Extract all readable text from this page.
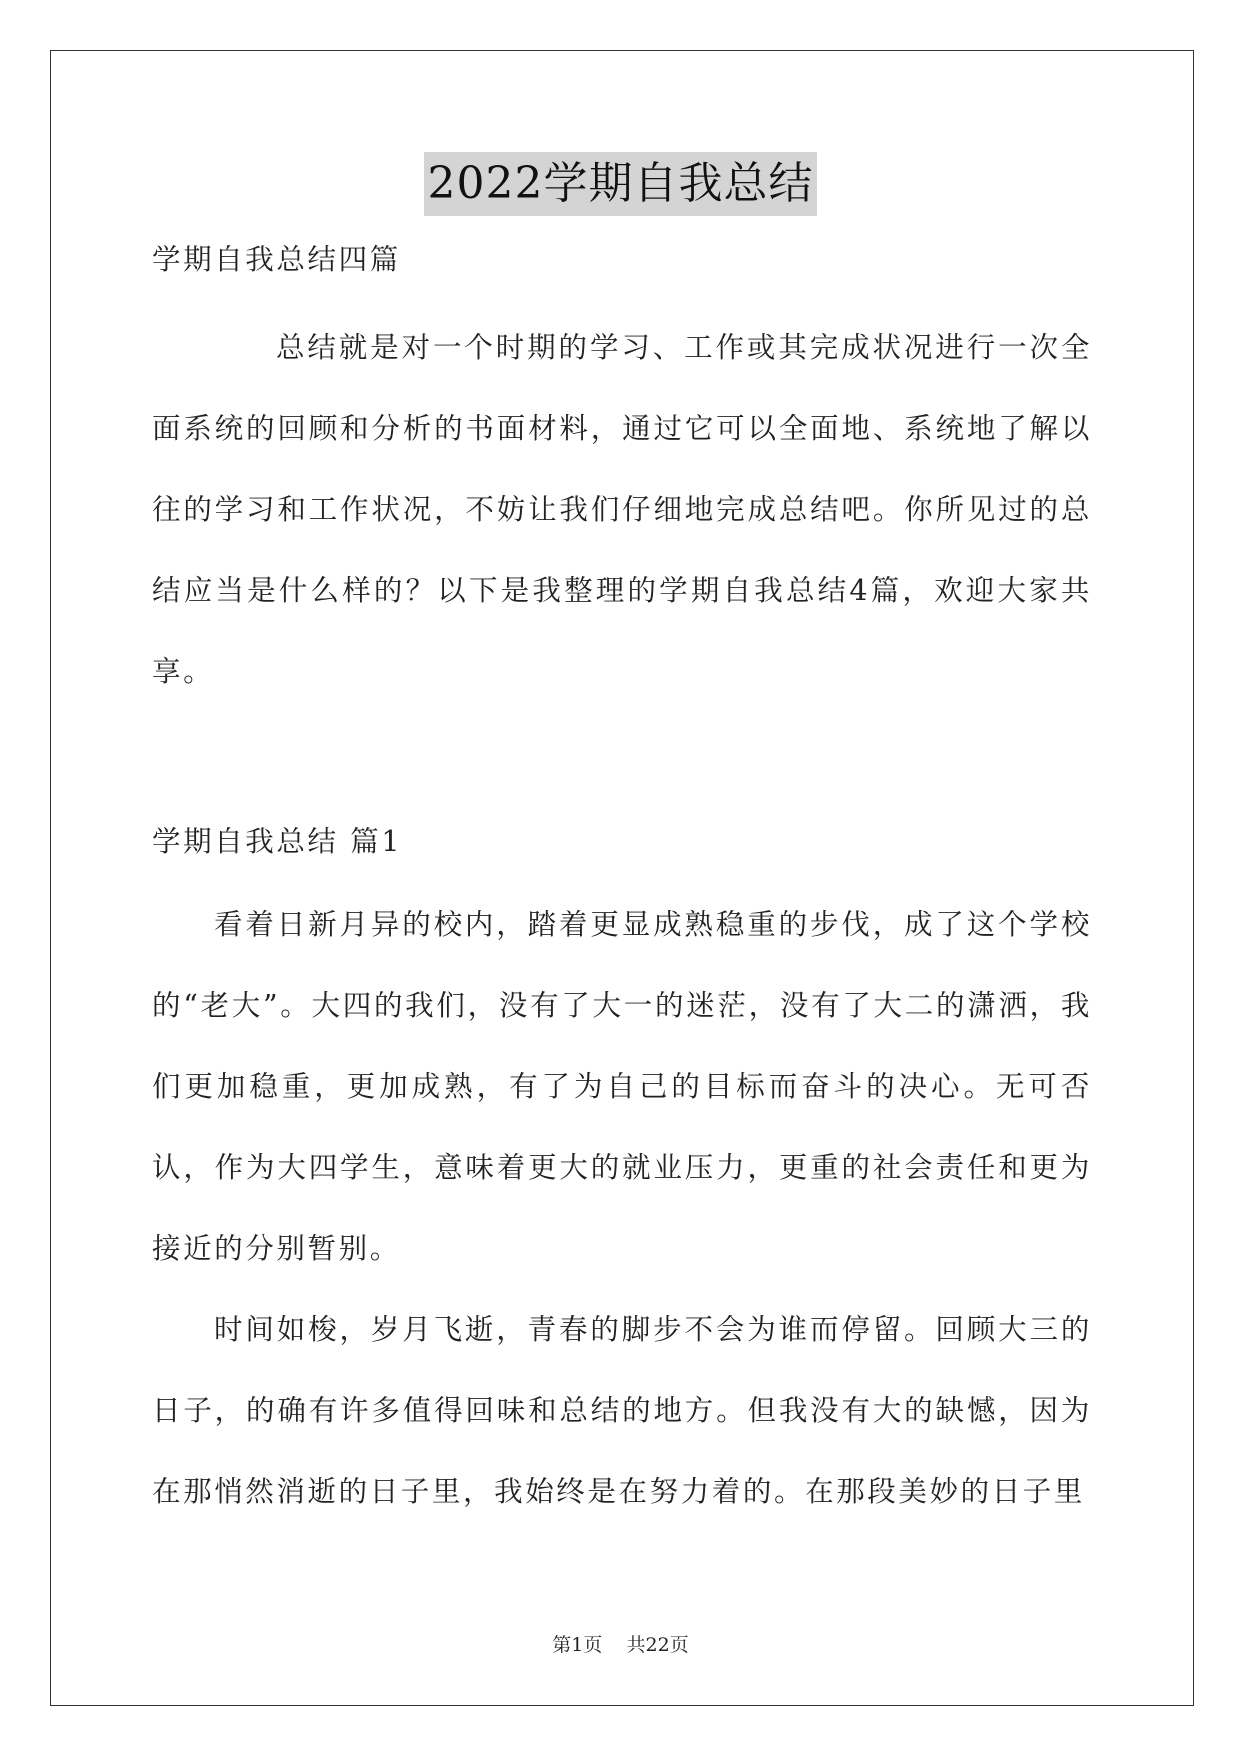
2022学期自我总结

学期自我总结四篇

总结就是对一个时期的学习、工作或其完成状况进行一次全面系统的回顾和分析的书面材料，通过它可以全面地、系统地了解以往的学习和工作状况，不妨让我们仔细地完成总结吧。你所见过的总结应当是什么样的？以下是我整理的学期自我总结4篇，欢迎大家共享。

学期自我总结 篇1

看着日新月异的校内，踏着更显成熟稳重的步伐，成了这个学校的“老大”。大四的我们，没有了大一的迷茫，没有了大二的潇洒，我们更加稳重，更加成熟，有了为自己的目标而奋斗的决心。无可否认，作为大四学生，意味着更大的就业压力，更重的社会责任和更为接近的分别暂别。

时间如梭，岁月飞逝，青春的脚步不会为谁而停留。回顾大三的日子，的确有许多值得回味和总结的地方。但我没有大的缺憾，因为在那悄然消逝的日子里，我始终是在努力着的。在那段美妙的日子里

第1页 共22页
